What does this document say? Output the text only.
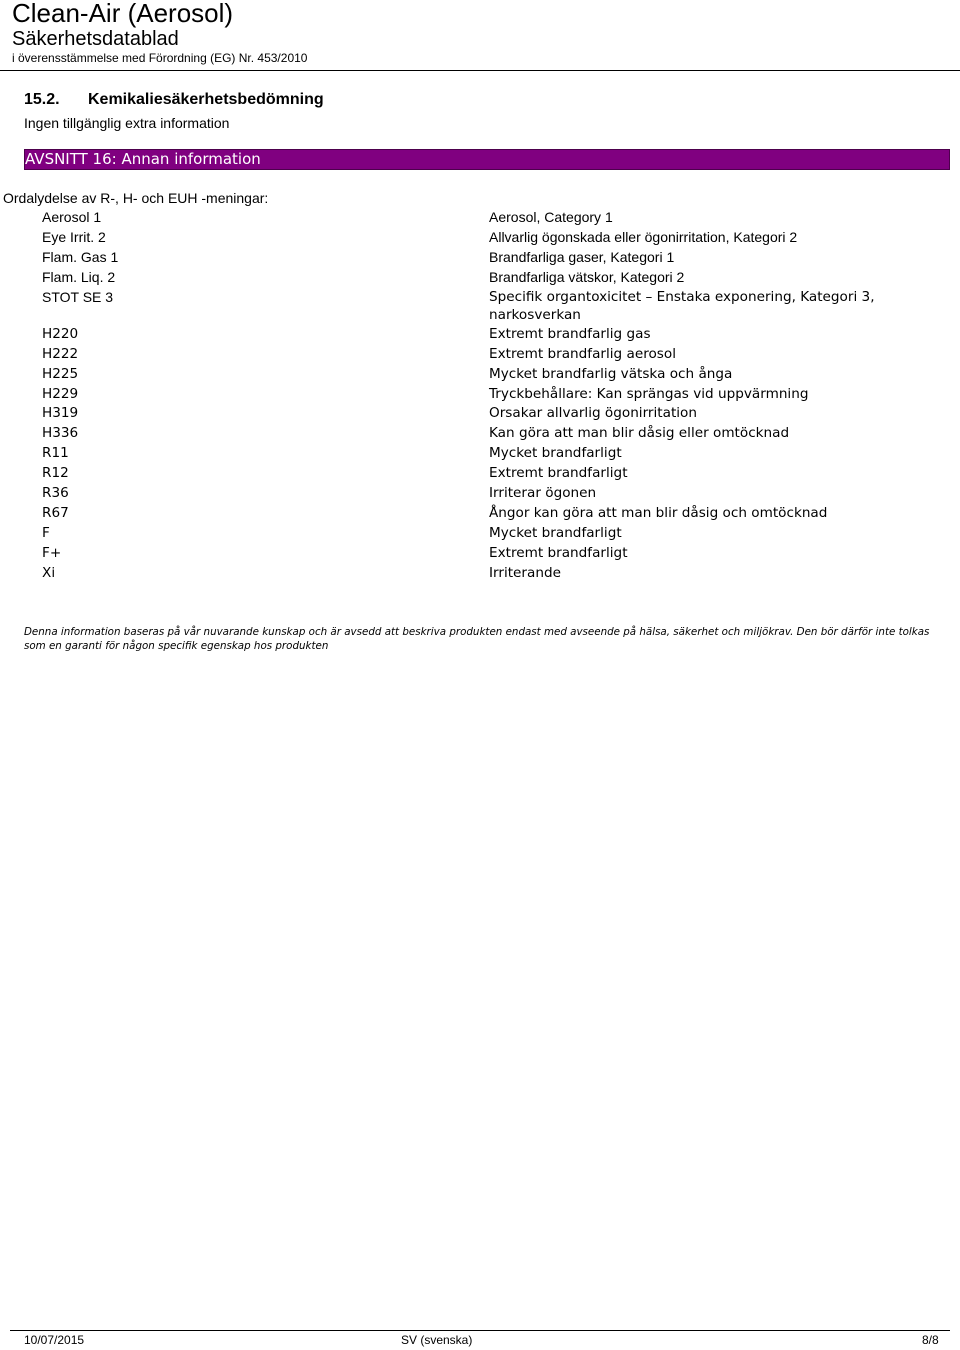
Clean-Air (Aerosol)
Säkerhetsdatablad
i överensstämmelse med Förordning (EG) Nr. 453/2010
15.2. Kemikaliesäkerhetsbedömning
Ingen tillgänglig extra information
AVSNITT 16: Annan information
Ordalydelse av R-, H- och EUH -meningar:
Aerosol 1	Aerosol, Category 1
Eye Irrit. 2	Allvarlig ögonskada eller ögonirritation, Kategori 2
Flam. Gas 1	Brandfarliga gaser, Kategori 1
Flam. Liq. 2	Brandfarliga vätskor, Kategori 2
STOT SE 3	Specifik organtoxicitet – Enstaka exponering, Kategori 3, narkosverkan
H220	Extremt brandfarlig gas
H222	Extremt brandfarlig aerosol
H225	Mycket brandfarlig vätska och ånga
H229	Tryckbehållare: Kan sprängas vid uppvärmning
H319	Orsakar allvarlig ögonirritation
H336	Kan göra att man blir dåsig eller omtöcknad
R11	Mycket brandfarligt
R12	Extremt brandfarligt
R36	Irriterar ögonen
R67	Ångor kan göra att man blir dåsig och omtöcknad
F	Mycket brandfarligt
F+	Extremt brandfarligt
Xi	Irriterande
Denna information baseras på vår nuvarande kunskap och är avsedd att beskriva produkten endast med avseende på hälsa, säkerhet och miljökrav. Den bör därför inte tolkas som en garanti för någon specifik egenskap hos produkten
10/07/2015	SV (svenska)	8/8
